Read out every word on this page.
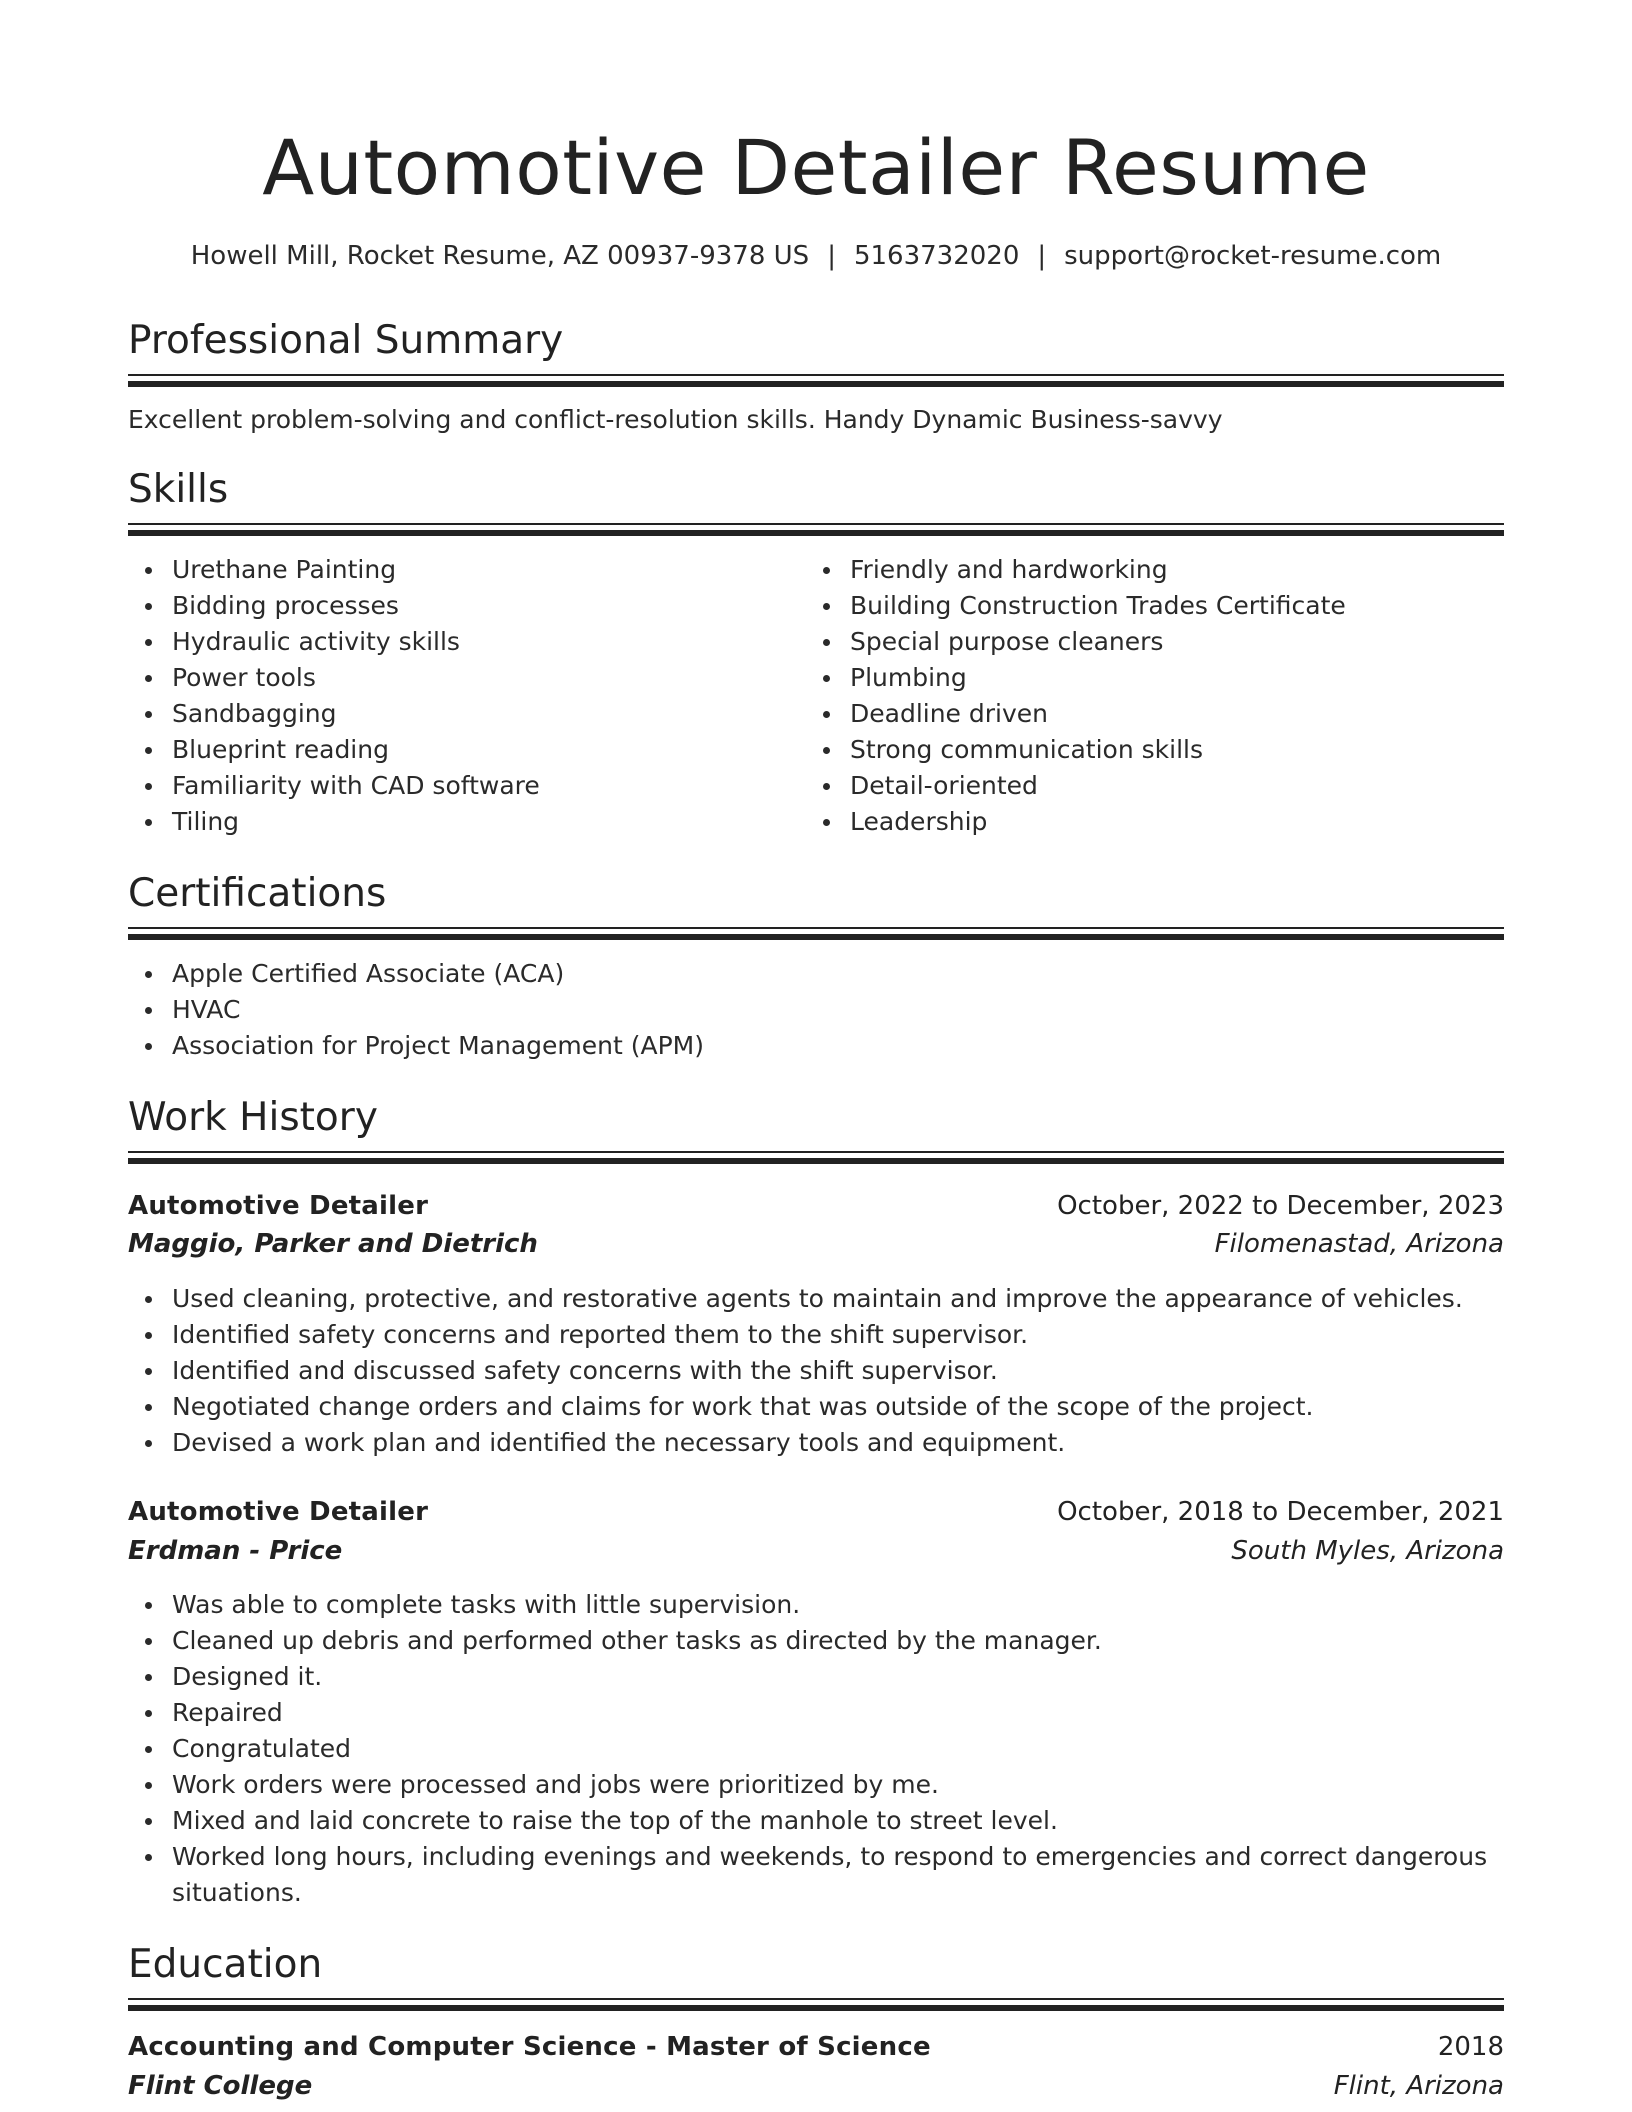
Automotive Detailer Resume
Howell Mill, Rocket Resume, AZ 00937-9378 US | 5163732020 | support@rocket-resume.com
Professional Summary
Excellent problem-solving and conflict-resolution skills. Handy Dynamic Business-savvy
Skills
Urethane Painting
Bidding processes
Hydraulic activity skills
Power tools
Sandbagging
Blueprint reading
Familiarity with CAD software
Tiling
Friendly and hardworking
Building Construction Trades Certificate
Special purpose cleaners
Plumbing
Deadline driven
Strong communication skills
Detail-oriented
Leadership
Certifications
Apple Certified Associate (ACA)
HVAC
Association for Project Management (APM)
Work History
Automotive Detailer	October, 2022 to December, 2023
Maggio, Parker and Dietrich	Filomenastad, Arizona
Used cleaning, protective, and restorative agents to maintain and improve the appearance of vehicles.
Identified safety concerns and reported them to the shift supervisor.
Identified and discussed safety concerns with the shift supervisor.
Negotiated change orders and claims for work that was outside of the scope of the project.
Devised a work plan and identified the necessary tools and equipment.
Automotive Detailer	October, 2018 to December, 2021
Erdman - Price	South Myles, Arizona
Was able to complete tasks with little supervision.
Cleaned up debris and performed other tasks as directed by the manager.
Designed it.
Repaired
Congratulated
Work orders were processed and jobs were prioritized by me.
Mixed and laid concrete to raise the top of the manhole to street level.
Worked long hours, including evenings and weekends, to respond to emergencies and correct dangerous situations.
Education
Accounting and Computer Science - Master of Science	2018
Flint College	Flint, Arizona
